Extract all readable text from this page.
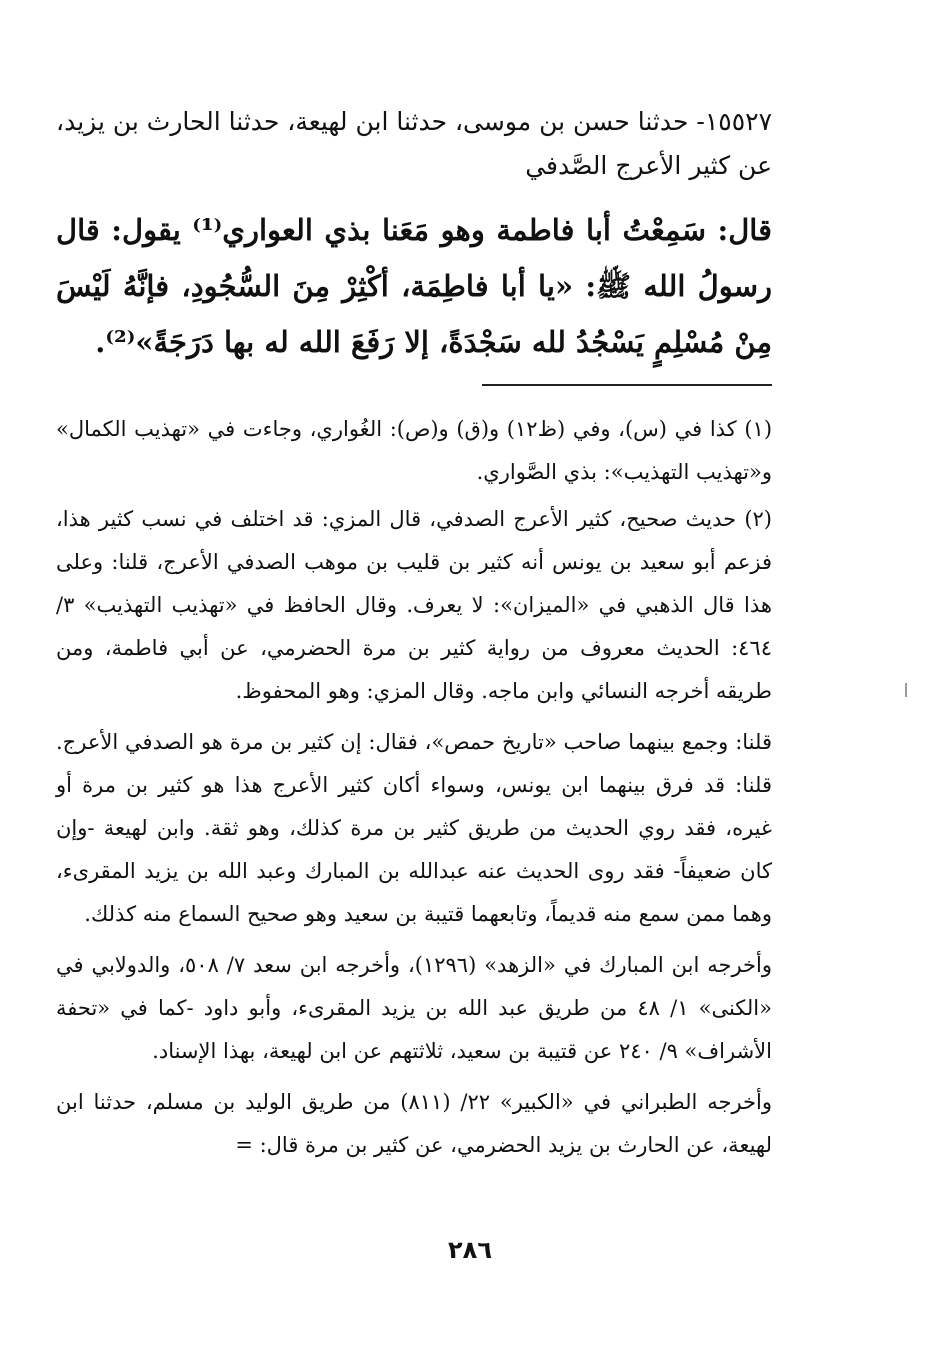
١٥٥٢٧- حدثنا حسن بن موسى، حدثنا ابن لهيعة، حدثنا الحارث بن يزيد، عن كثير الأعرج الصَّدفي

قال: سَمِعْتُ أبا فاطمة وهو مَعَنا بذي العواري⁽¹⁾ يقول: قال رسولُ الله ﷺ: «يا أبا فاطِمَة، أكْثِرْ مِنَ السُّجُودِ، فإنَّهُ لَيْسَ مِنْ مُسْلِمٍ يَسْجُدُ لله سَجْدَةً، إلا رَفَعَ الله له بها دَرَجَةً»⁽²⁾.

(١) كذا في (س)، وفي (ظ١٢) و(ق) و(ص): الغُواري، وجاءت في «تهذيب الكمال» و«تهذيب التهذيب»: بذي الصَّواري.

(٢) حديث صحيح، كثير الأعرج الصدفي، قال المزي: قد اختلف في نسب كثير هذا، فزعم أبو سعيد بن يونس أنه كثير بن قليب بن موهب الصدفي الأعرج، قلنا: وعلى هذا قال الذهبي في «الميزان»: لا يعرف. وقال الحافظ في «تهذيب التهذيب» ٣/ ٤٦٤: الحديث معروف من رواية كثير بن مرة الحضرمي، عن أبي فاطمة، ومن طريقه أخرجه النسائي وابن ماجه. وقال المزي: وهو المحفوظ.

قلنا: وجمع بينهما صاحب «تاريخ حمص»، فقال: إن كثير بن مرة هو الصدفي الأعرج. قلنا: قد فرق بينهما ابن يونس، وسواء أكان كثير الأعرج هذا هو كثير بن مرة أو غيره، فقد روي الحديث من طريق كثير بن مرة كذلك، وهو ثقة. وابن لهيعة -وإن كان ضعيفاً- فقد روى الحديث عنه عبدالله بن المبارك وعبد الله بن يزيد المقرىء، وهما ممن سمع منه قديماً، وتابعهما قتيبة بن سعيد وهو صحيح السماع منه كذلك.

وأخرجه ابن المبارك في «الزهد» (١٢٩٦)، وأخرجه ابن سعد ٧/ ٥٠٨، والدولابي في «الكنى» ١/ ٤٨ من طريق عبد الله بن يزيد المقرىء، وأبو داود -كما في «تحفة الأشراف» ٩/ ٢٤٠ عن قتيبة بن سعيد، ثلاثتهم عن ابن لهيعة، بهذا الإسناد.

وأخرجه الطبراني في «الكبير» ٢٢/ (٨١١) من طريق الوليد بن مسلم، حدثنا ابن لهيعة، عن الحارث بن يزيد الحضرمي، عن كثير بن مرة قال: =

٢٨٦
